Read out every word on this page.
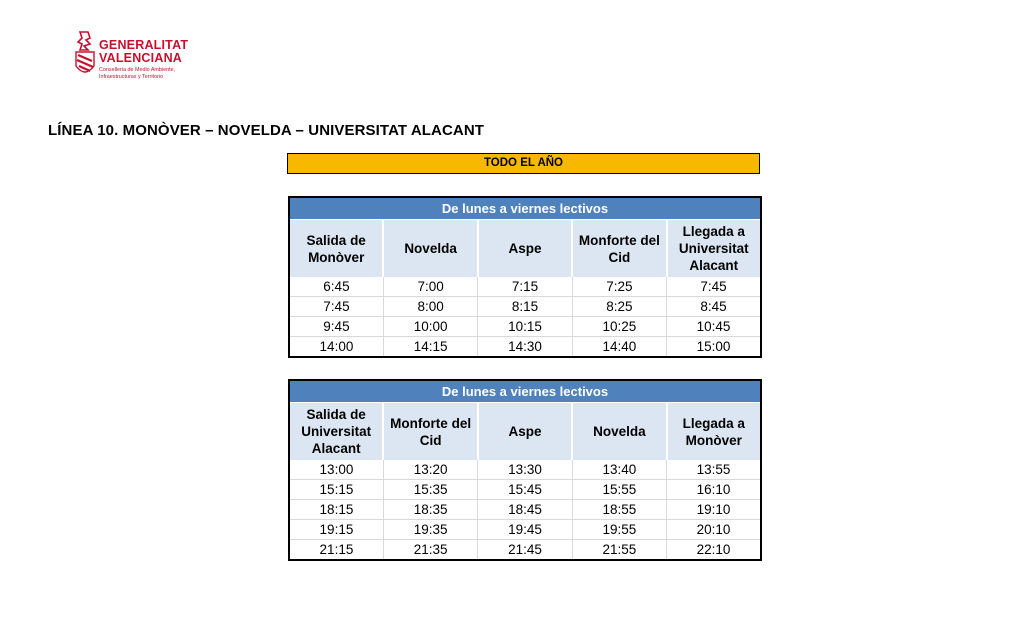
GENERALITAT
VALENCIANA
Conselleria de Medio Ambiente,
Infraestructuras y Territorio
LÍNEA 10. MONÒVER – NOVELDA – UNIVERSITAT ALACANT
TODO EL AÑO
De lunes a viernes lectivos				
Salida de Monòver	Novelda	Aspe	Monforte del Cid	Llegada a Universitat Alacant
6:45	7:00	7:15	7:25	7:45
7:45	8:00	8:15	8:25	8:45
9:45	10:00	10:15	10:25	10:45
14:00	14:15	14:30	14:40	15:00
De lunes a viernes lectivos				
Salida de Universitat Alacant	Monforte del Cid	Aspe	Novelda	Llegada a Monòver
13:00	13:20	13:30	13:40	13:55
15:15	15:35	15:45	15:55	16:10
18:15	18:35	18:45	18:55	19:10
19:15	19:35	19:45	19:55	20:10
21:15	21:35	21:45	21:55	22:10
